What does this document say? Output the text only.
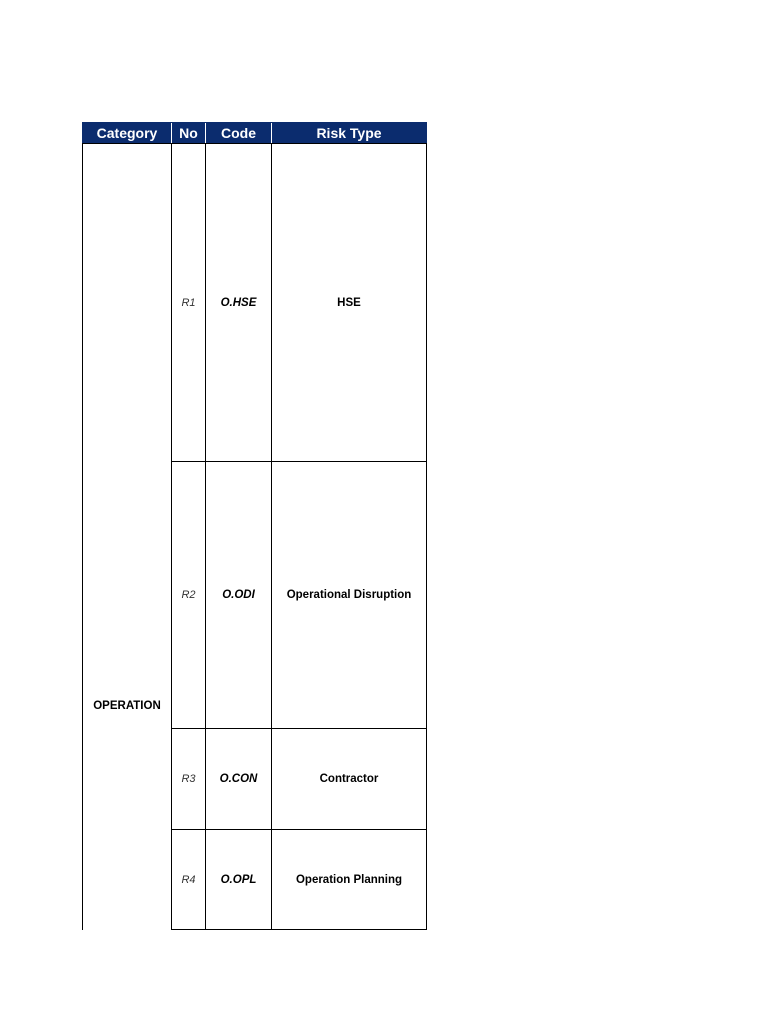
Category	No	Code	Risk Type
OPERATION	R1	O.HSE	HSE
	R2	O.ODI	Operational Disruption
	R3	O.CON	Contractor
	R4	O.OPL	Operation Planning
